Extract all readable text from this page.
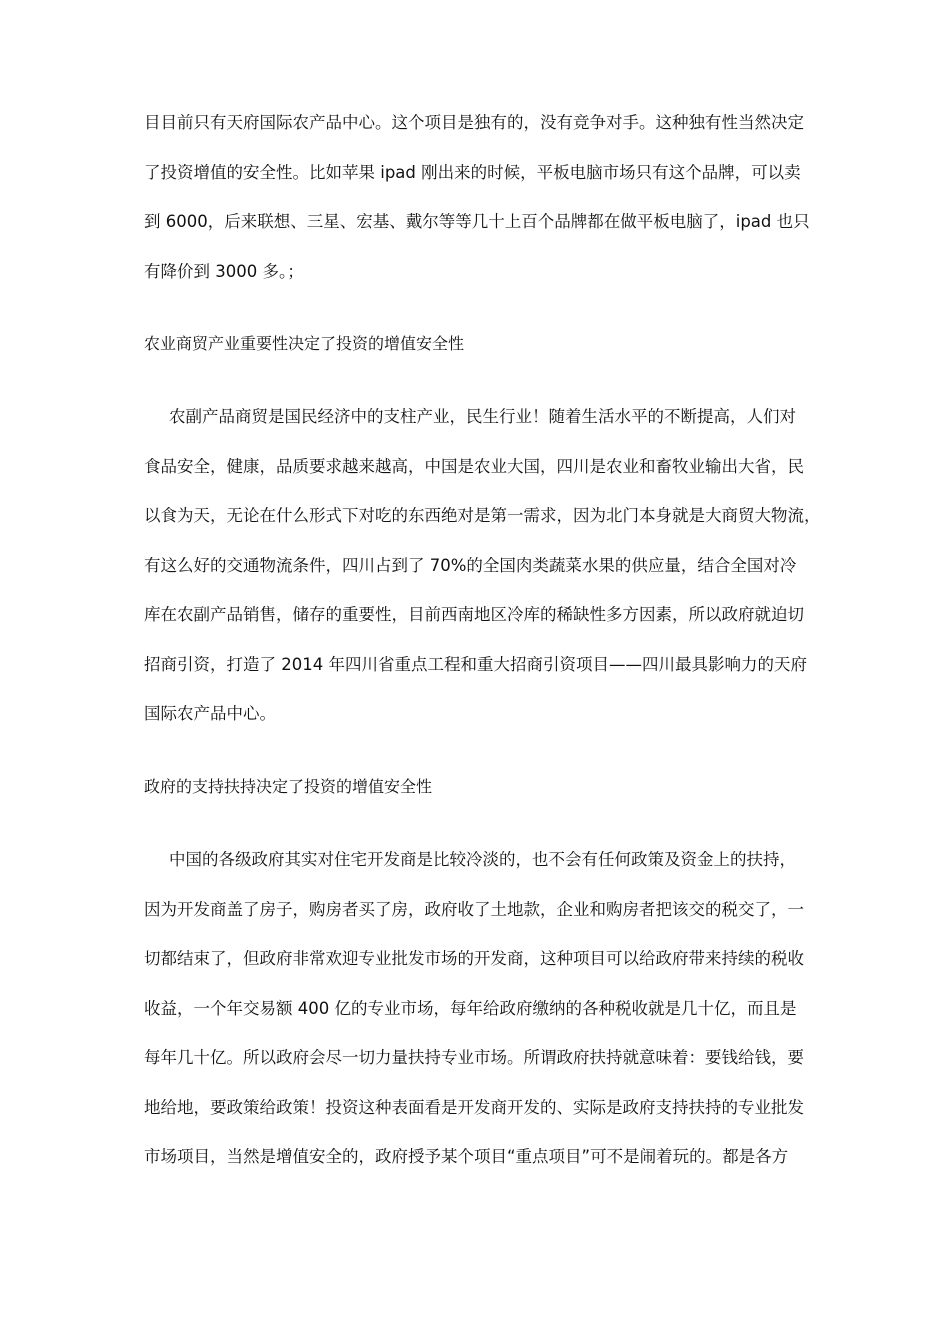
目目前只有天府国际农产品中心。这个项目是独有的，没有竞争对手。这种独有性当然决定
了投资增值的安全性。比如苹果 ipad 刚出来的时候，平板电脑市场只有这个品牌，可以卖
到 6000，后来联想、三星、宏基、戴尔等等几十上百个品牌都在做平板电脑了，ipad 也只
有降价到 3000 多。；
农业商贸产业重要性决定了投资的增值安全性
农副产品商贸是国民经济中的支柱产业，民生行业！随着生活水平的不断提高，人们对
食品安全，健康，品质要求越来越高，中国是农业大国，四川是农业和畜牧业输出大省，民
以食为天，无论在什么形式下对吃的东西绝对是第一需求，因为北门本身就是大商贸大物流，
有这么好的交通物流条件，四川占到了 70%的全国肉类蔬菜水果的供应量，结合全国对冷
库在农副产品销售，储存的重要性，目前西南地区冷库的稀缺性多方因素，所以政府就迫切
招商引资，打造了 2014 年四川省重点工程和重大招商引资项目——四川最具影响力的天府
国际农产品中心。
政府的支持扶持决定了投资的增值安全性
中国的各级政府其实对住宅开发商是比较冷淡的，也不会有任何政策及资金上的扶持，
因为开发商盖了房子，购房者买了房，政府收了土地款，企业和购房者把该交的税交了，一
切都结束了，但政府非常欢迎专业批发市场的开发商，这种项目可以给政府带来持续的税收
收益，一个年交易额 400 亿的专业市场，每年给政府缴纳的各种税收就是几十亿，而且是
每年几十亿。所以政府会尽一切力量扶持专业市场。所谓政府扶持就意味着：要钱给钱，要
地给地，要政策给政策！投资这种表面看是开发商开发的、实际是政府支持扶持的专业批发
市场项目，当然是增值安全的，政府授予某个项目“重点项目”可不是闹着玩的。都是各方
